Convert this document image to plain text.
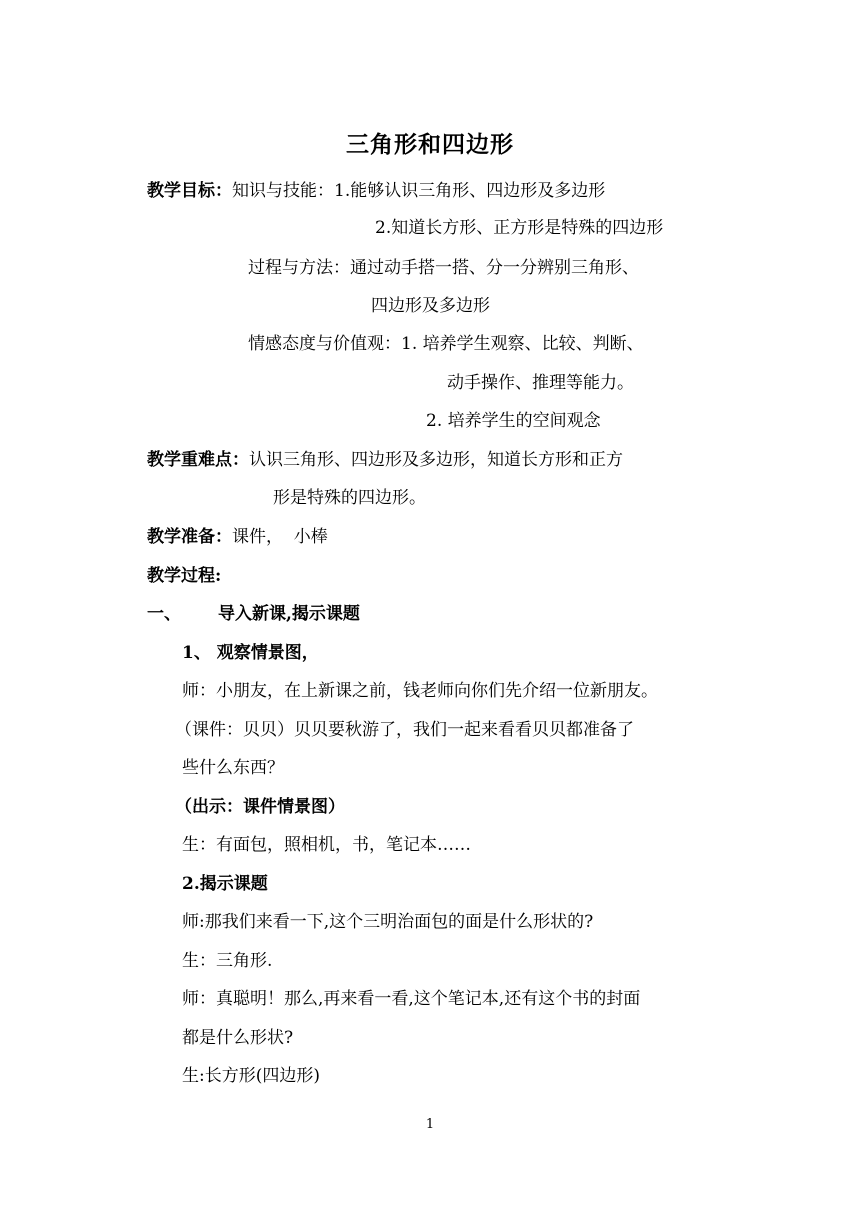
三角形和四边形
教学目标：知识与技能：1.能够认识三角形、四边形及多边形
2.知道长方形、正方形是特殊的四边形
过程与方法：通过动手搭一搭、分一分辨别三角形、
四边形及多边形
情感态度与价值观：1. 培养学生观察、比较、判断、
动手操作、推理等能力。
2. 培养学生的空间观念
教学重难点：认识三角形、四边形及多边形，知道长方形和正方
形是特殊的四边形。
教学准备：课件，  小棒
教学过程:
一、 导入新课,揭示课题
1、 观察情景图，
师：小朋友，在上新课之前，钱老师向你们先介绍一位新朋友。
（课件：贝贝）贝贝要秋游了，我们一起来看看贝贝都准备了
些什么东西？
（出示：课件情景图）
生：有面包，照相机，书，笔记本……
2.揭示课题
师:那我们来看一下,这个三明治面包的面是什么形状的?
生：三角形.
师：真聪明！那么,再来看一看,这个笔记本,还有这个书的封面
都是什么形状?
生:长方形(四边形)
1
